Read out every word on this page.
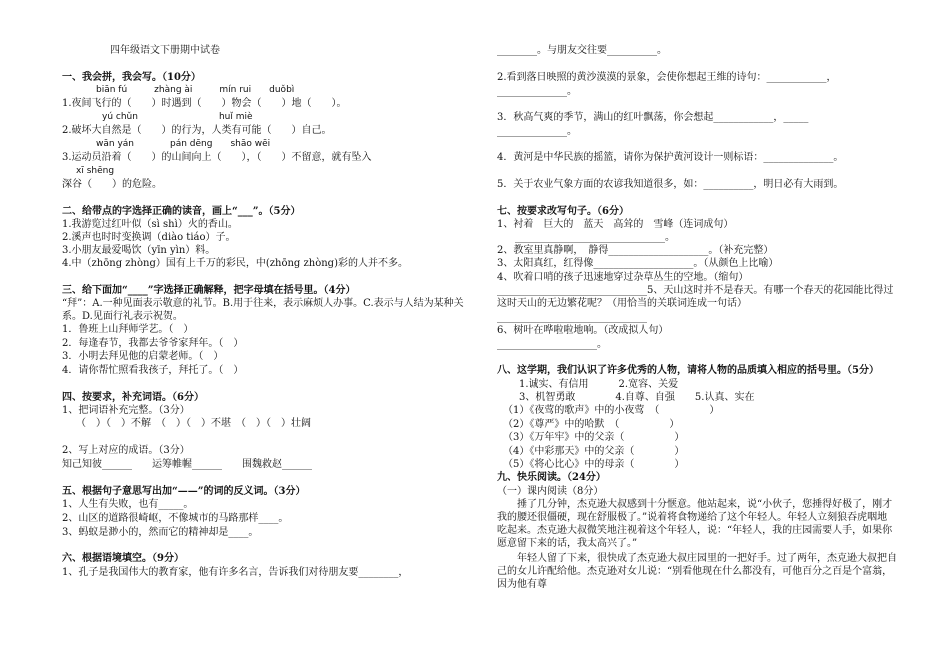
四年级语文下册期中试卷
一、我会拼，我会写。（10分）
biān fú　　　zhàng ài　　　mín rui　　duǒbì
1.夜间飞行的（　　）时遇到（　　）物会（　　）地（　　）。
yú chǔn　　　　　　　　　huǐ miè
2.破坏大自然是（　　）的行为，人类有可能（　　）自己。
wān yán　　　　pán dēng　　shāo wēi
3.运动员沿着（　　）的山间向上（　　），（　　）不留意，就有坠入
xī shēng
深谷（　　）的危险。
二、给带点的字选择正确的读音，画上“___”。（5分）
1.我游览过红叶似（sì shì）火的香山。
2.溪声也时时变换调（diào tiáo）子。
3.小朋友最爱喝饮（yīn yìn）料。
4.中（zhōng zhòng）国有上千万的彩民，中(zhōng zhòng)彩的人并不多。
三、给下面加“____”字选择正确解释，把字母填在括号里。（4分）
“拜”：A.一种见面表示敬意的礼节。B.用于往来，表示麻烦人办事。C.表示与人结为某种关
系。D.见面行礼表示祝贺。
1．鲁班上山拜师学艺。（　）
2．每逢春节，我都去爷爷家拜年。（　）
3．小明去拜见他的启蒙老师。（　）
4．请你帮忙照看我孩子，拜托了。（　）
四、按要求，补充词语。（6分）
1、把词语补充完整。（3分）
（　）（　）不解　（　）（　）不堪　（　）（　）壮阔
2、写上对应的成语。（3分）
知己知彼______　　运筹帷幄______　　围魏救赵______
五、根据句子意思写出加“——”的词的反义词。（3分）
1、人生有失败，也有_____。
2、山区的道路很崎岖，不像城市的马路那样____。
3、蚂蚁是渺小的，然而它的精神却是____。
六、根据语境填空。（9分）
1、孔子是我国伟大的教育家，他有许多名言，告诉我们对待朋友要________，
________。与朋友交往要__________。
2.看到落日映照的黄沙漠漠的景象，会使你想起王维的诗句：____________，
______________。
3．秋高气爽的季节，满山的红叶飘荡，你会想起____________，_____
______________。
4．黄河是中华民族的摇篮，请你为保护黄河设计一则标语：______________。
5．关于农业气象方面的农谚我知道很多，如：__________，明日必有大雨到。
七、按要求改写句子。（6分）
1、衬着　巨大的　蓝天　高耸的　雪峰（连词成句）
______________________________。
2、教室里真静啊，　静得____________________。（补充完整）
3、太阳真红，红得像____________________。（从颜色上比喻）
4、吹着口哨的孩子迅速地穿过杂草丛生的空地。（缩句）
______________________________5、天山这时并不是春天。有哪一个春天的花园能比得过这时天山的无边繁花呢？（用恰当的关联词连成一句话）
______________________________
6、树叶在哗啦啦地响。（改成拟人句）
____________________。
八、这学期，我们认识了许多优秀的人物，请将人物的品质填入相应的括号里。（5分）
1.诚实、有信用　　　2.宽容、关爱
3、机智勇敢　　　　4.自尊、自强　　5.认真、实在
（1）《夜莺的歌声》中的小夜莺　（　　　　　）
（2）《尊严》中的哈默　（　　　　　）
（3）《万年牢》中的父亲（　　　　　）
（4）《中彩那天》中的父亲（　　　　）
（5）《将心比心》中的母亲（　　　　）
九、快乐阅读。（24分）
（一）课内阅读（8分）
　　捶了几分钟，杰克逊大叔感到十分惬意。他站起来，说“小伙子，您捶得好极了，刚才我的腰还很僵硬，现在舒服极了。”说着将食物递给了这个年轻人。年轻人立刻狼吞虎咽地吃起来。杰克逊大叔微笑地注视着这个年轻人，说：“年轻人，我的庄园需要人手，如果你愿意留下来的话，我太高兴了。”
　　年轻人留了下来，很快成了杰克逊大叔庄园里的一把好手。过了两年，杰克逊大叔把自己的女儿许配给他。杰克逊对女儿说：“别看他现在什么都没有，可他百分之百是个富翁，因为他有尊
